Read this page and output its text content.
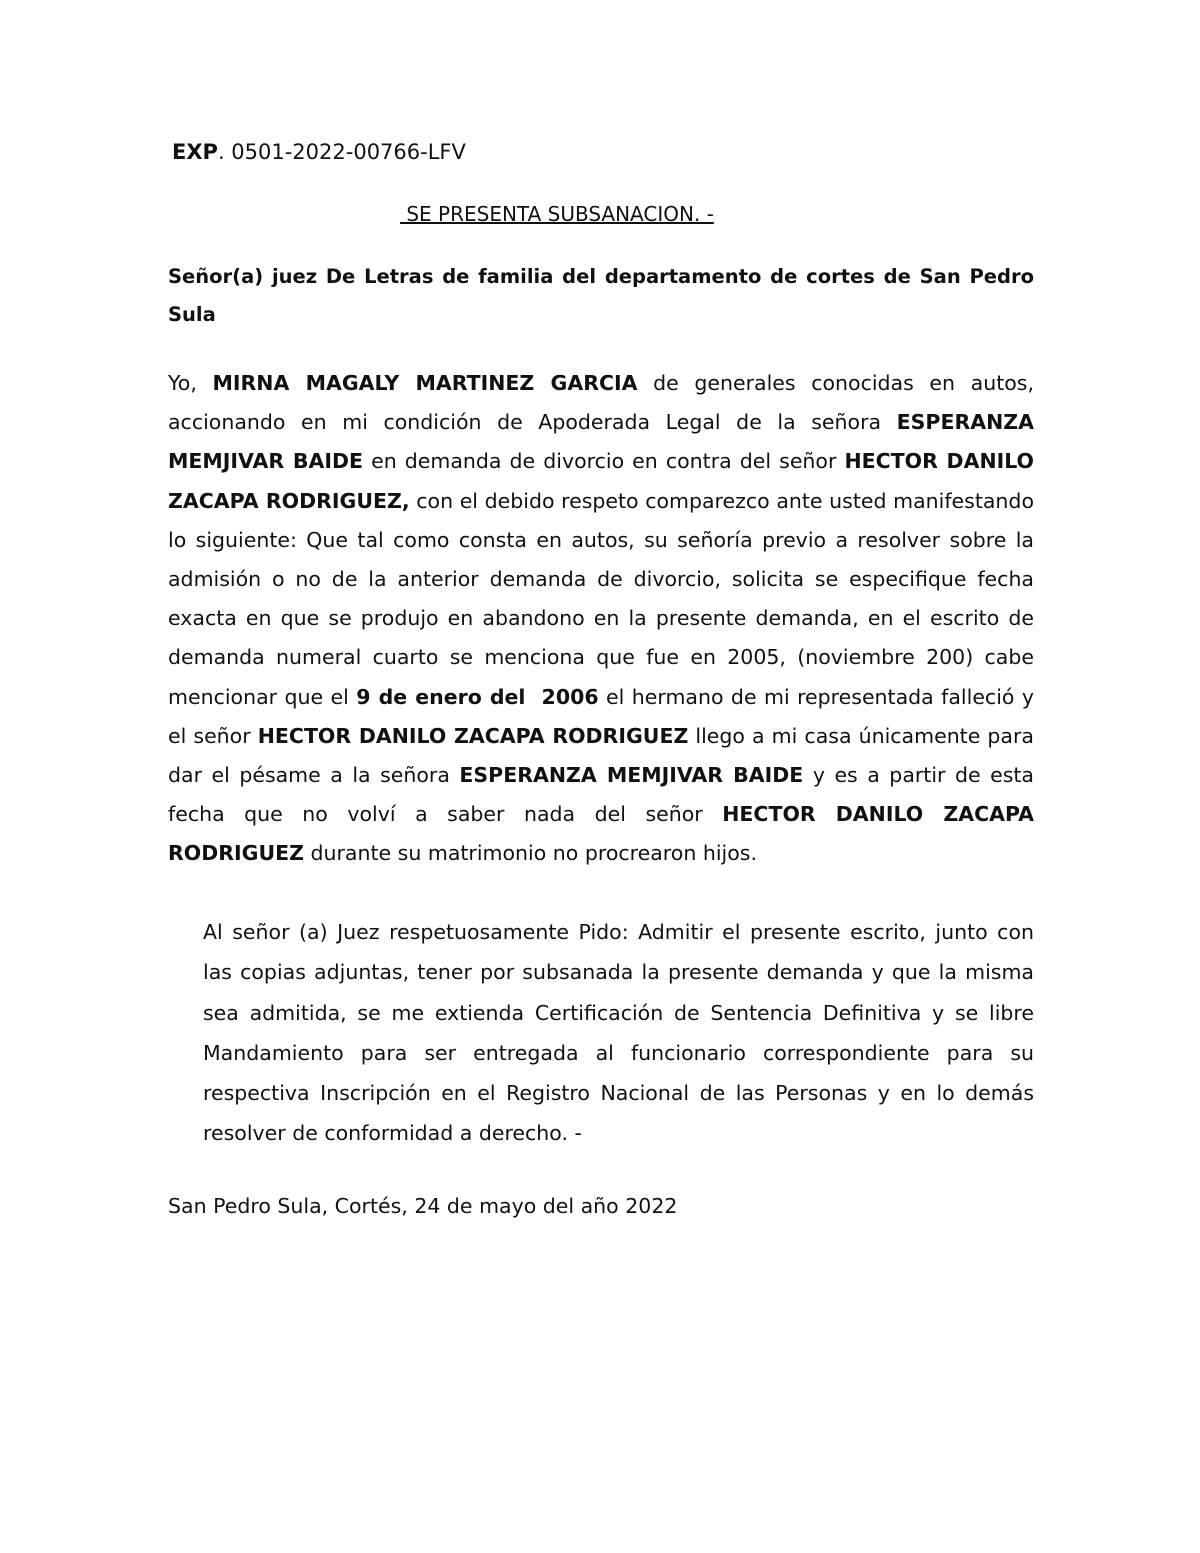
EXP. 0501-2022-00766-LFV
SE PRESENTA SUBSANACION. -
Señor(a) juez De Letras de familia del departamento de cortes de San Pedro Sula
Yo, MIRNA MAGALY MARTINEZ GARCIA de generales conocidas en autos, accionando en mi condición de Apoderada Legal de la señora ESPERANZA MEMJIVAR BAIDE en demanda de divorcio en contra del señor HECTOR DANILO ZACAPA RODRIGUEZ, con el debido respeto comparezco ante usted manifestando lo siguiente: Que tal como consta en autos, su señoría previo a resolver sobre la admisión o no de la anterior demanda de divorcio, solicita se especifique fecha exacta en que se produjo en abandono en la presente demanda, en el escrito de demanda numeral cuarto se menciona que fue en 2005, (noviembre 200) cabe mencionar que el 9 de enero del  2006 el hermano de mi representada falleció y el señor HECTOR DANILO ZACAPA RODRIGUEZ llego a mi casa únicamente para dar el pésame a la señora ESPERANZA MEMJIVAR BAIDE y es a partir de esta fecha que no volví a saber nada del señor HECTOR DANILO ZACAPA RODRIGUEZ durante su matrimonio no procrearon hijos.
Al señor (a) Juez respetuosamente Pido: Admitir el presente escrito, junto con las copias adjuntas, tener por subsanada la presente demanda y que la misma sea admitida, se me extienda Certificación de Sentencia Definitiva y se libre Mandamiento para ser entregada al funcionario correspondiente para su respectiva Inscripción en el Registro Nacional de las Personas y en lo demás resolver de conformidad a derecho. -
San Pedro Sula, Cortés, 24 de mayo del año 2022
